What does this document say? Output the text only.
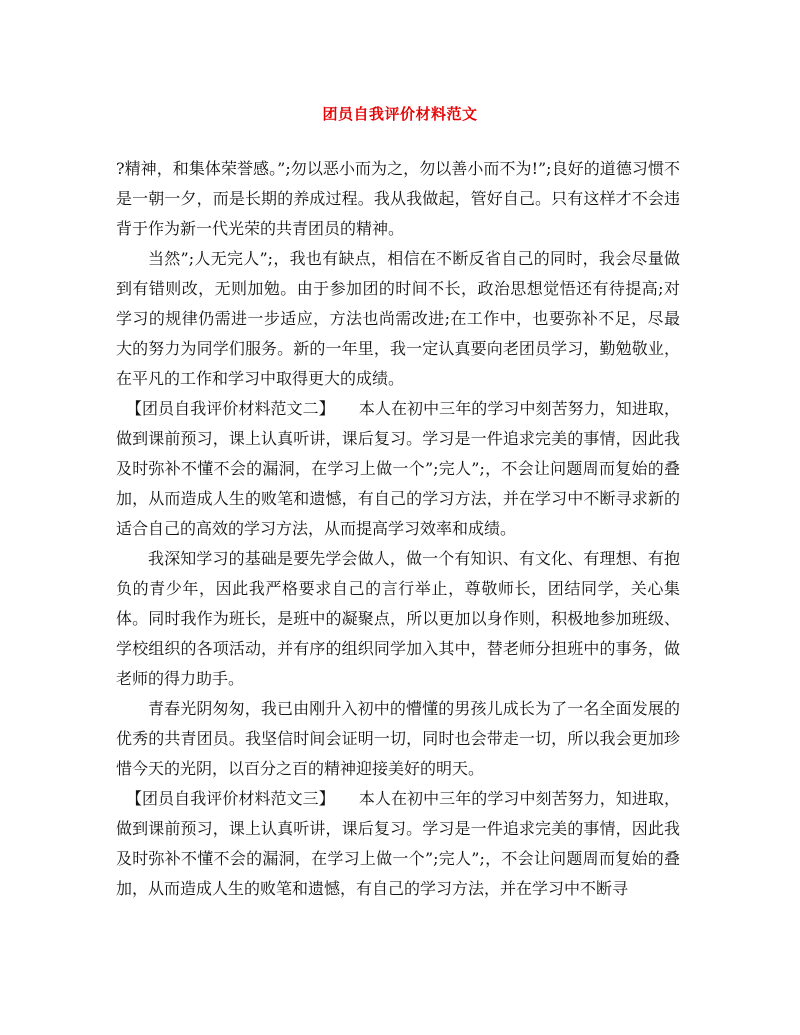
团员自我评价材料范文

?精神，和集体荣誉感。”;勿以恶小而为之，勿以善小而不为!”;良好的道德习惯不是一朝一夕，而是长期的养成过程。我从我做起，管好自己。只有这样才不会违背于作为新一代光荣的共青团员的精神。

当然”;人无完人”;，我也有缺点，相信在不断反省自己的同时，我会尽量做到有错则改，无则加勉。由于参加团的时间不长，政治思想觉悟还有待提高;对学习的规律仍需进一步适应，方法也尚需改进;在工作中，也要弥补不足，尽最大的努力为同学们服务。新的一年里，我一定认真要向老团员学习，勤勉敬业，在平凡的工作和学习中取得更大的成绩。

【团员自我评价材料范文二】　　本人在初中三年的学习中刻苦努力，知进取，做到课前预习，课上认真听讲，课后复习。学习是一件追求完美的事情，因此我及时弥补不懂不会的漏洞，在学习上做一个”;完人”;，不会让问题周而复始的叠加，从而造成人生的败笔和遗憾，有自己的学习方法，并在学习中不断寻求新的适合自己的高效的学习方法，从而提高学习效率和成绩。

我深知学习的基础是要先学会做人，做一个有知识、有文化、有理想、有抱负的青少年，因此我严格要求自己的言行举止，尊敬师长，团结同学，关心集体。同时我作为班长，是班中的凝聚点，所以更加以身作则，积极地参加班级、学校组织的各项活动，并有序的组织同学加入其中，替老师分担班中的事务，做老师的得力助手。

青春光阴匆匆，我已由刚升入初中的懵懂的男孩儿成长为了一名全面发展的优秀的共青团员。我坚信时间会证明一切，同时也会带走一切，所以我会更加珍惜今天的光阴，以百分之百的精神迎接美好的明天。

【团员自我评价材料范文三】　　本人在初中三年的学习中刻苦努力，知进取，做到课前预习，课上认真听讲，课后复习。学习是一件追求完美的事情，因此我及时弥补不懂不会的漏洞，在学习上做一个”;完人”;，不会让问题周而复始的叠加，从而造成人生的败笔和遗憾，有自己的学习方法，并在学习中不断寻
